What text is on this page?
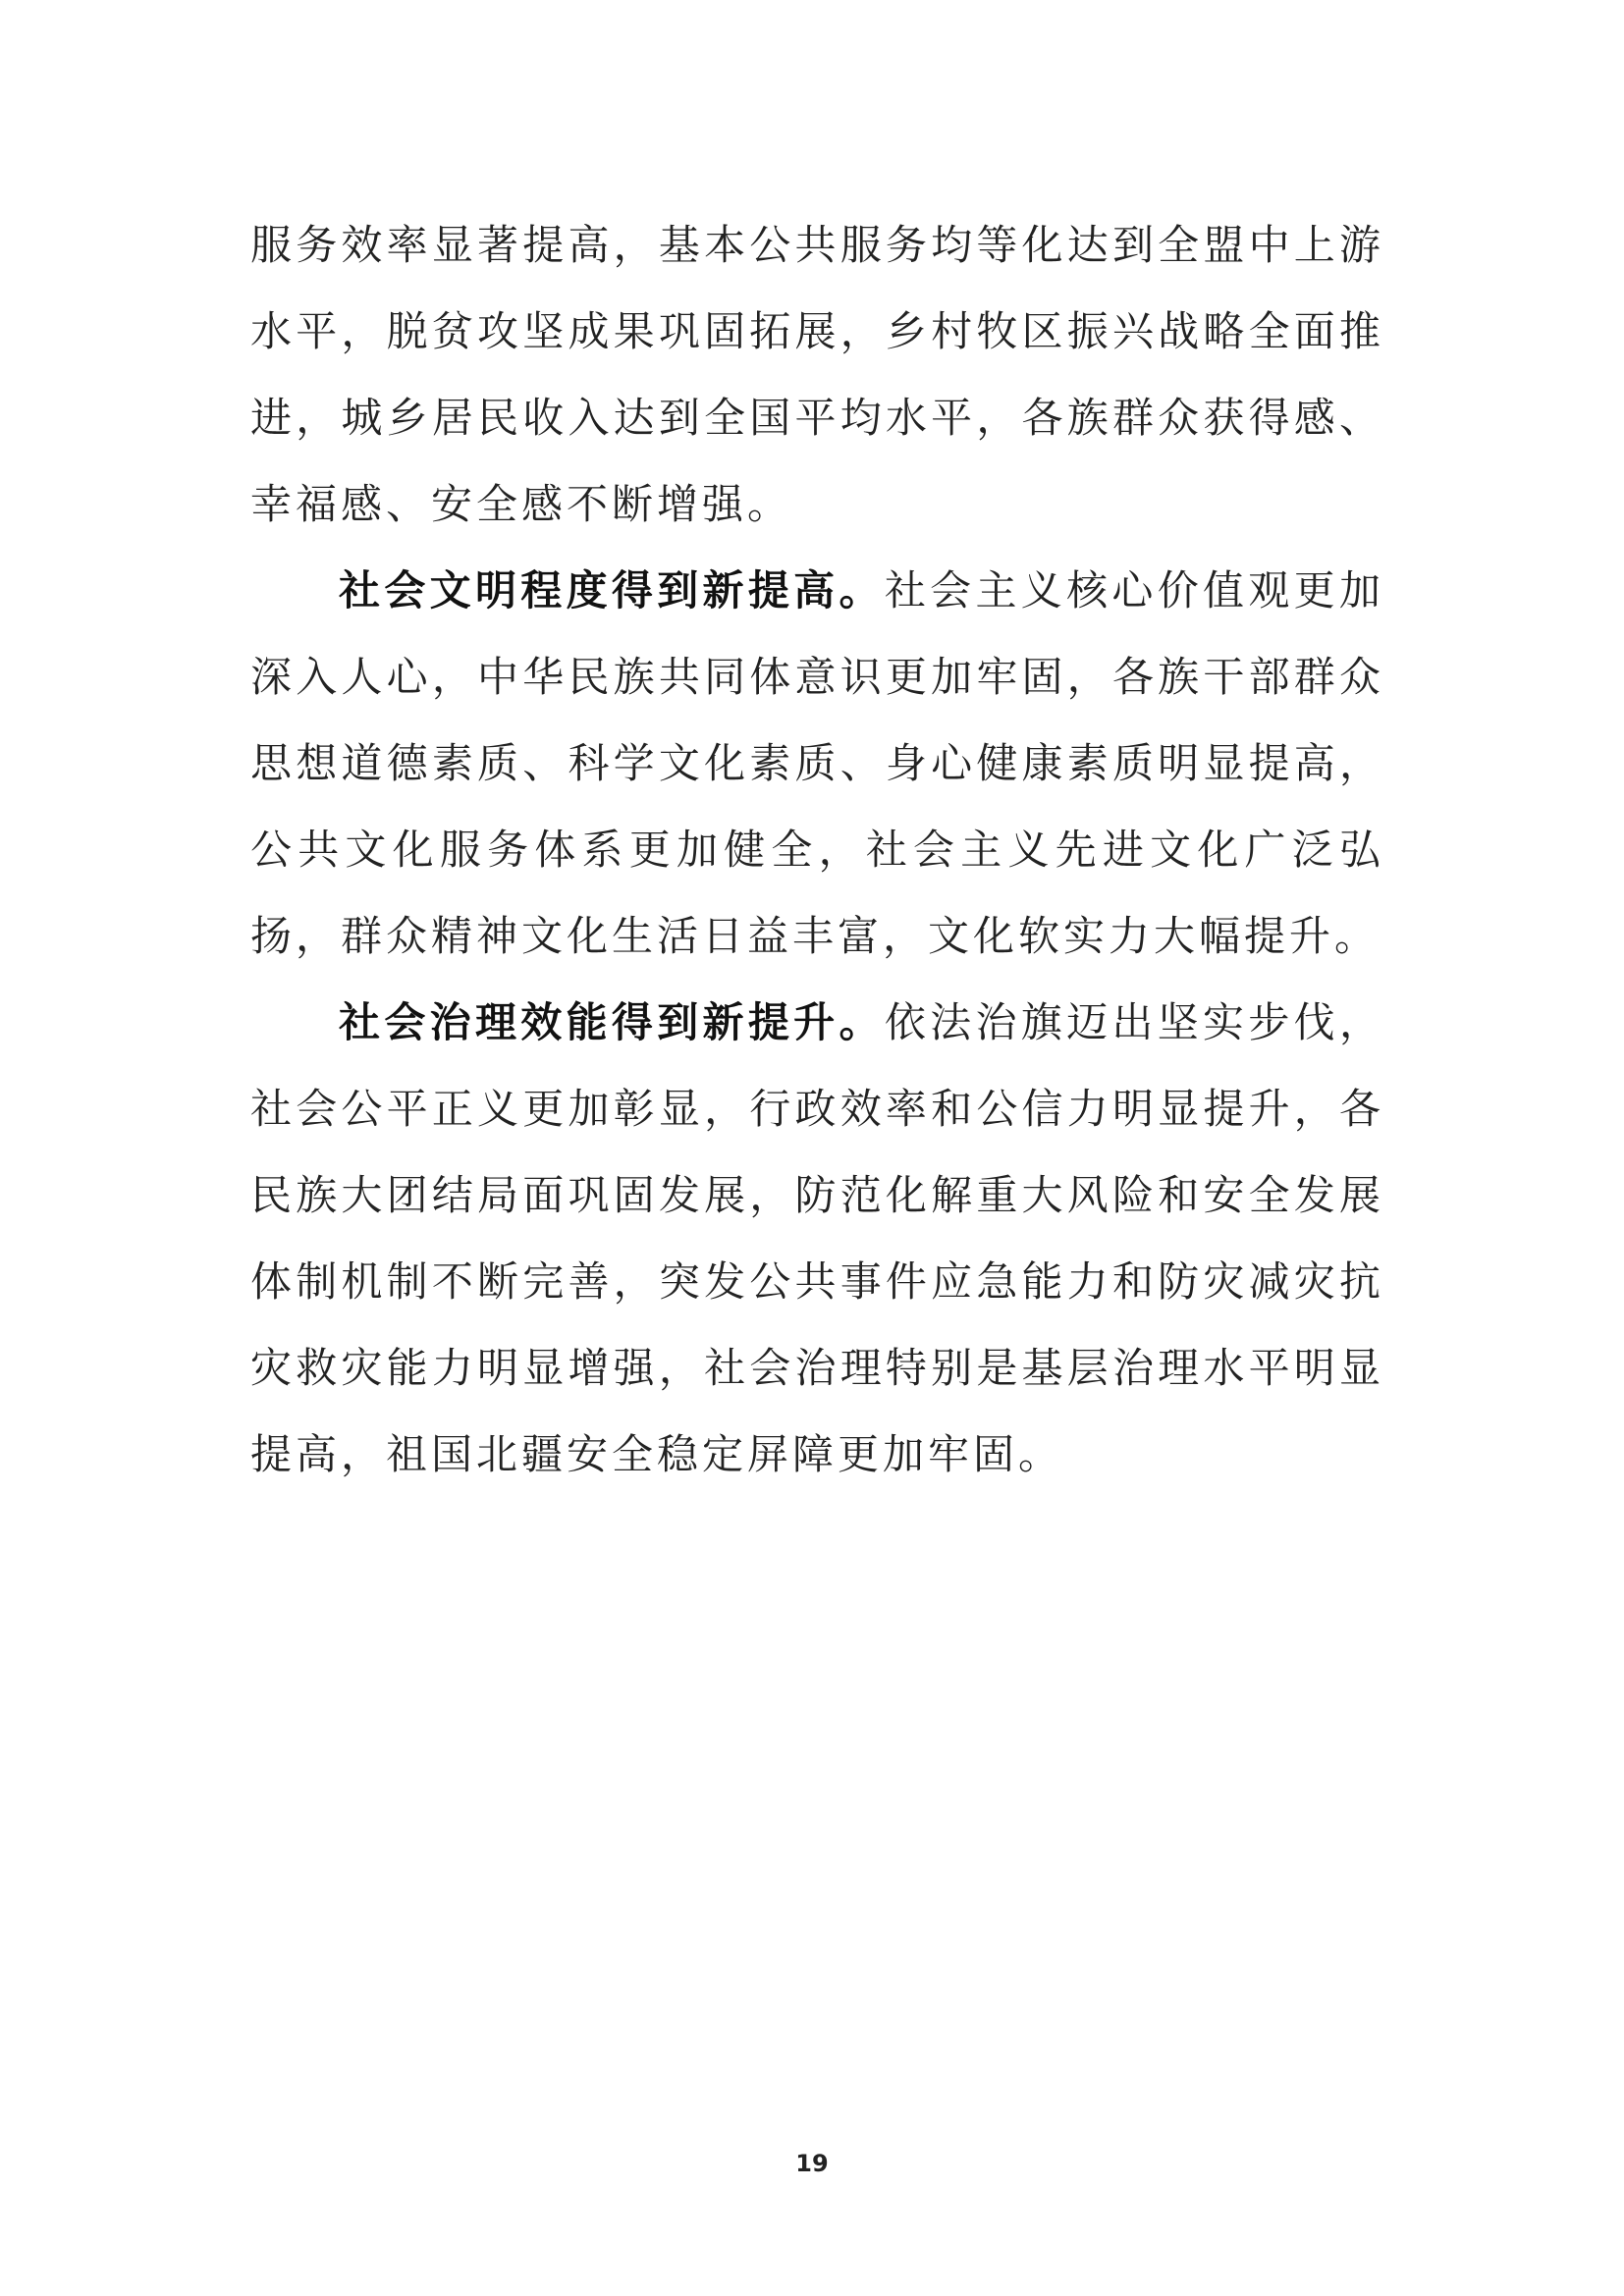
服务效率显著提高，基本公共服务均等化达到全盟中上游水平，脱贫攻坚成果巩固拓展，乡村牧区振兴战略全面推进，城乡居民收入达到全国平均水平，各族群众获得感、幸福感、安全感不断增强。

社会文明程度得到新提高。社会主义核心价值观更加深入人心，中华民族共同体意识更加牢固，各族干部群众思想道德素质、科学文化素质、身心健康素质明显提高，公共文化服务体系更加健全，社会主义先进文化广泛弘扬，群众精神文化生活日益丰富，文化软实力大幅提升。

社会治理效能得到新提升。依法治旗迈出坚实步伐，社会公平正义更加彰显，行政效率和公信力明显提升，各民族大团结局面巩固发展，防范化解重大风险和安全发展体制机制不断完善，突发公共事件应急能力和防灾减灾抗灾救灾能力明显增强，社会治理特别是基层治理水平明显提高，祖国北疆安全稳定屏障更加牢固。

19
